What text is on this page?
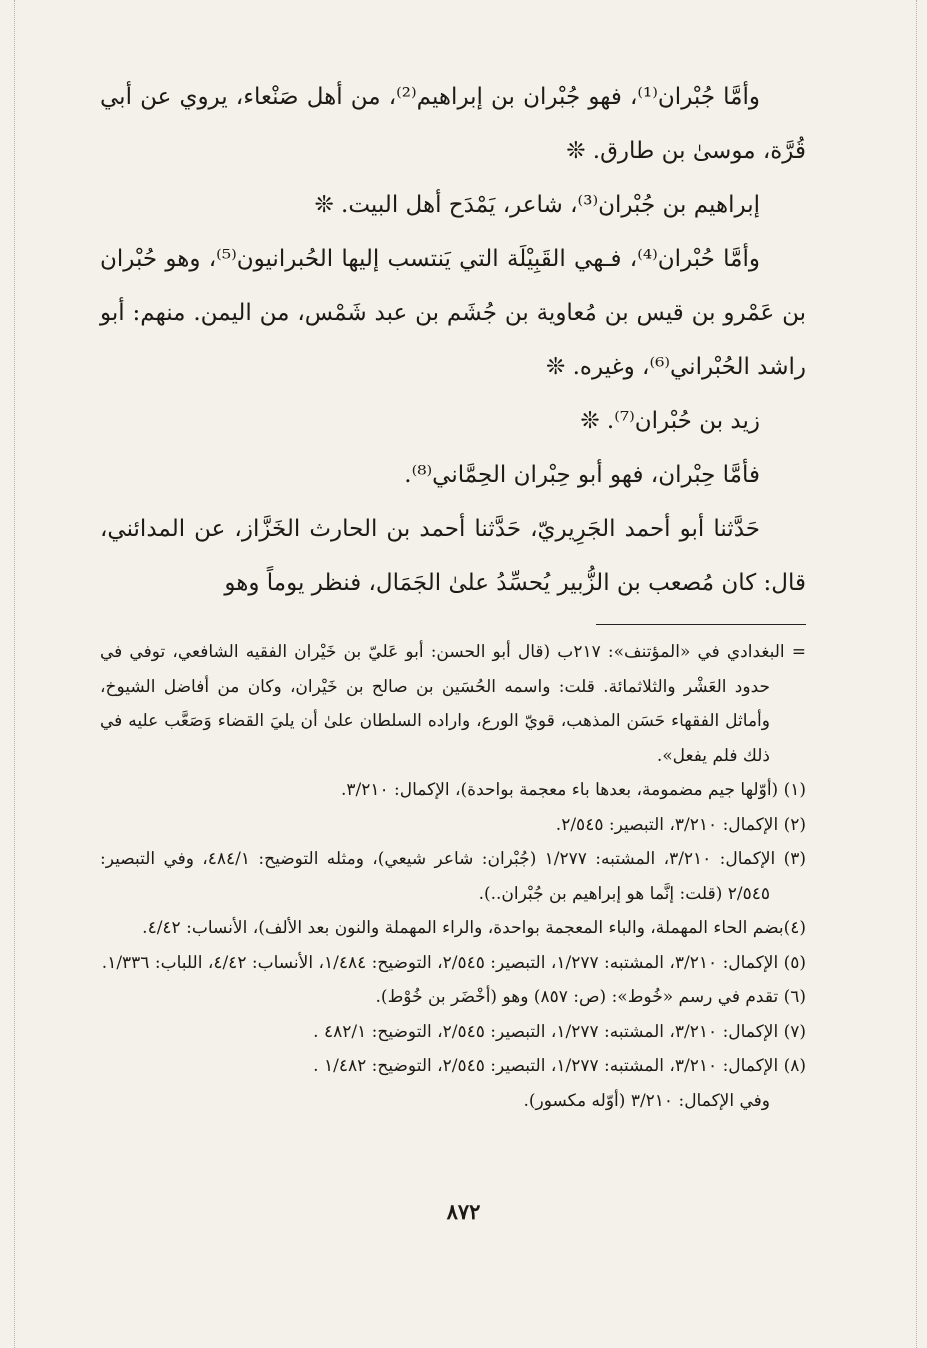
وأمَّا جُبْران⁽¹⁾، فهو جُبْران بن إبراهيم⁽²⁾، من أهل صَنْعاء، يروي عن أبي قُرَّة، موسىٰ بن طارق. ❊

إبراهيم بن جُبْران⁽³⁾، شاعر، يَمْدَح أهل البيت. ❊

وأمَّا حُبْران⁽⁴⁾، فـهي القَبِيْلَة التي يَنتسب إليها الحُبرانيون⁽⁵⁾، وهو حُبْران بن عَمْرو بن قيس بن مُعاوية بن جُشَم بن عبد شَمْس، من اليمن. منهم: أبو راشد الحُبْراني⁽⁶⁾، وغيره. ❊

زيد بن حُبْران⁽⁷⁾. ❊

فأمَّا حِبْران، فهو أبو حِبْران الحِمَّاني⁽⁸⁾.

حَدَّثنا أبو أحمد الجَرِيريّ، حَدَّثنا أحمد بن الحارث الخَزَّاز، عن المدائني، قال: كان مُصعب بن الزُّبير يُحسِّدُ علىٰ الجَمَال، فنظر يوماً وهو

= البغدادي في «المؤتنف»: ٢١٧ب (قال أبو الحسن: أبو عَليّ بن خَيْران الفقيه الشافعي، توفي في حدود العَشْر والثلاثمائة. قلت: واسمه الحُسَين بن صالح بن خَيْران، وكان من أفاضل الشيوخ، وأماثل الفقهاء حَسَن المذهب، قويّ الورع، واراده السلطان علىٰ أن يليَ القضاء وَصَعَّب عليه في ذلك فلم يفعل».

(١) (أوّلها جيم مضمومة، بعدها باء معجمة بواحدة)، الإكمال: ٣/٢١٠.

(٢) الإكمال: ٣/٢١٠، التبصير: ٢/٥٤٥.

(٣) الإكمال: ٣/٢١٠، المشتبه: ١/٢٧٧ (جُبْران: شاعر شيعي)، ومثله التوضيح: ٤٨٤/١، وفي التبصير: ٢/٥٤٥ (قلت: إنَّما هو إبراهيم بن جُبْران..).

(٤)بضم الحاء المهملة، والباء المعجمة بواحدة، والراء المهملة والنون بعد الألف)، الأنساب: ٤/٤٢.

(٥) الإكمال: ٣/٢١٠، المشتبه: ١/٢٧٧، التبصير: ٢/٥٤٥، التوضيح: ١/٤٨٤، الأنساب: ٤/٤٢، اللباب: ١/٣٣٦.

(٦) تقدم في رسم «خُوط»: (ص: ٨٥٧) وهو (أخْضَر بن خُوْط).

(٧) الإكمال: ٣/٢١٠، المشتبه: ١/٢٧٧، التبصير: ٢/٥٤٥، التوضيح: ٤٨٢/١ .

(٨) الإكمال: ٣/٢١٠، المشتبه: ١/٢٧٧، التبصير: ٢/٥٤٥، التوضيح: ١/٤٨٢ .

وفي الإكمال: ٣/٢١٠ (أوّله مكسور).

٨٧٢
